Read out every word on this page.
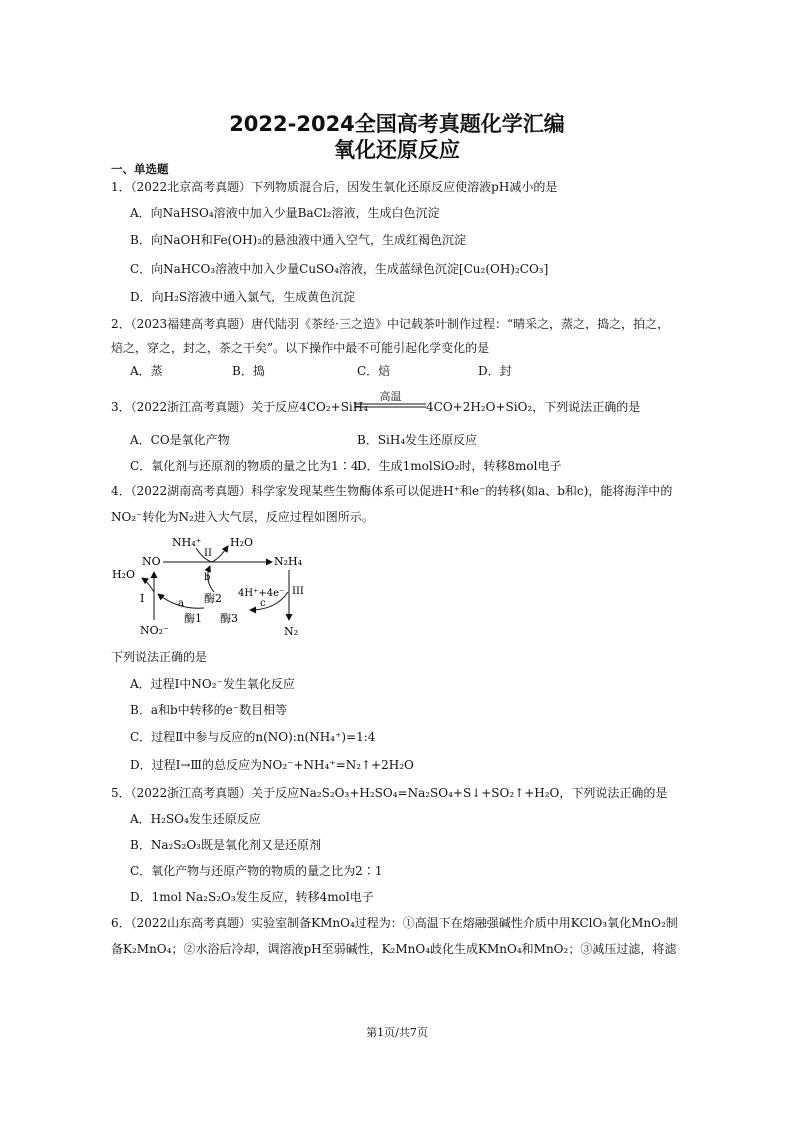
2022-2024全国高考真题化学汇编
氧化还原反应
一、单选题
1．（2022北京高考真题）下列物质混合后，因发生氧化还原反应使溶液pH减小的是
A．向NaHSO₄溶液中加入少量BaCl₂溶液，生成白色沉淀
B．向NaOH和Fe(OH)₂的悬浊液中通入空气，生成红褐色沉淀
C．向NaHCO₃溶液中加入少量CuSO₄溶液，生成蓝绿色沉淀[Cu₂(OH)₂CO₃]
D．向H₂S溶液中通入氯气，生成黄色沉淀
2．（2023福建高考真题）唐代陆羽《茶经·三之造》中记载茶叶制作过程：“晴采之，蒸之，捣之，拍之，
焙之，穿之，封之，茶之干矣”。以下操作中最不可能引起化学变化的是
A．蒸	B．捣	C．焙	D．封
3．（2022浙江高考真题）关于反应4CO₂+SiH₄
高温
4CO+2H₂O+SiO₂，下列说法正确的是
A．CO是氧化产物	B．SiH₄发生还原反应
C．氧化剂与还原剂的物质的量之比为1∶4
D．生成1molSiO₂时，转移8mol电子
4．（2022湖南高考真题）科学家发现某些生物酶体系可以促进H⁺和e⁻的转移(如a、b和c)，能将海洋中的
NO₂⁻转化为N₂进入大气层，反应过程如图所示。
NO	N₂H₄
NH₄⁺	H₂O
H₂O
NO₂⁻	N₂
I
II
III
a
b
c
酶1
酶2
酶3
4H⁺+4e⁻
下列说法正确的是
A．过程Ⅰ中NO₂⁻发生氧化反应
B．a和b中转移的e⁻数目相等
C．过程Ⅱ中参与反应的n(NO):n(NH₄⁺)=1:4
D．过程Ⅰ→Ⅲ的总反应为NO₂⁻+NH₄⁺=N₂↑+2H₂O
5．（2022浙江高考真题）关于反应Na₂S₂O₃+H₂SO₄=Na₂SO₄+S↓+SO₂↑+H₂O，下列说法正确的是
A．H₂SO₄发生还原反应
B．Na₂S₂O₃既是氧化剂又是还原剂
C．氧化产物与还原产物的物质的量之比为2∶1
D．1mol Na₂S₂O₃发生反应，转移4mol电子
6．（2022山东高考真题）实验室制备KMnO₄过程为：①高温下在熔融强碱性介质中用KClO₃氧化MnO₂制
备K₂MnO₄；②水浴后冷却，调溶液pH至弱碱性，K₂MnO₄歧化生成KMnO₄和MnO₂；③减压过滤，将滤
第1页/共7页
